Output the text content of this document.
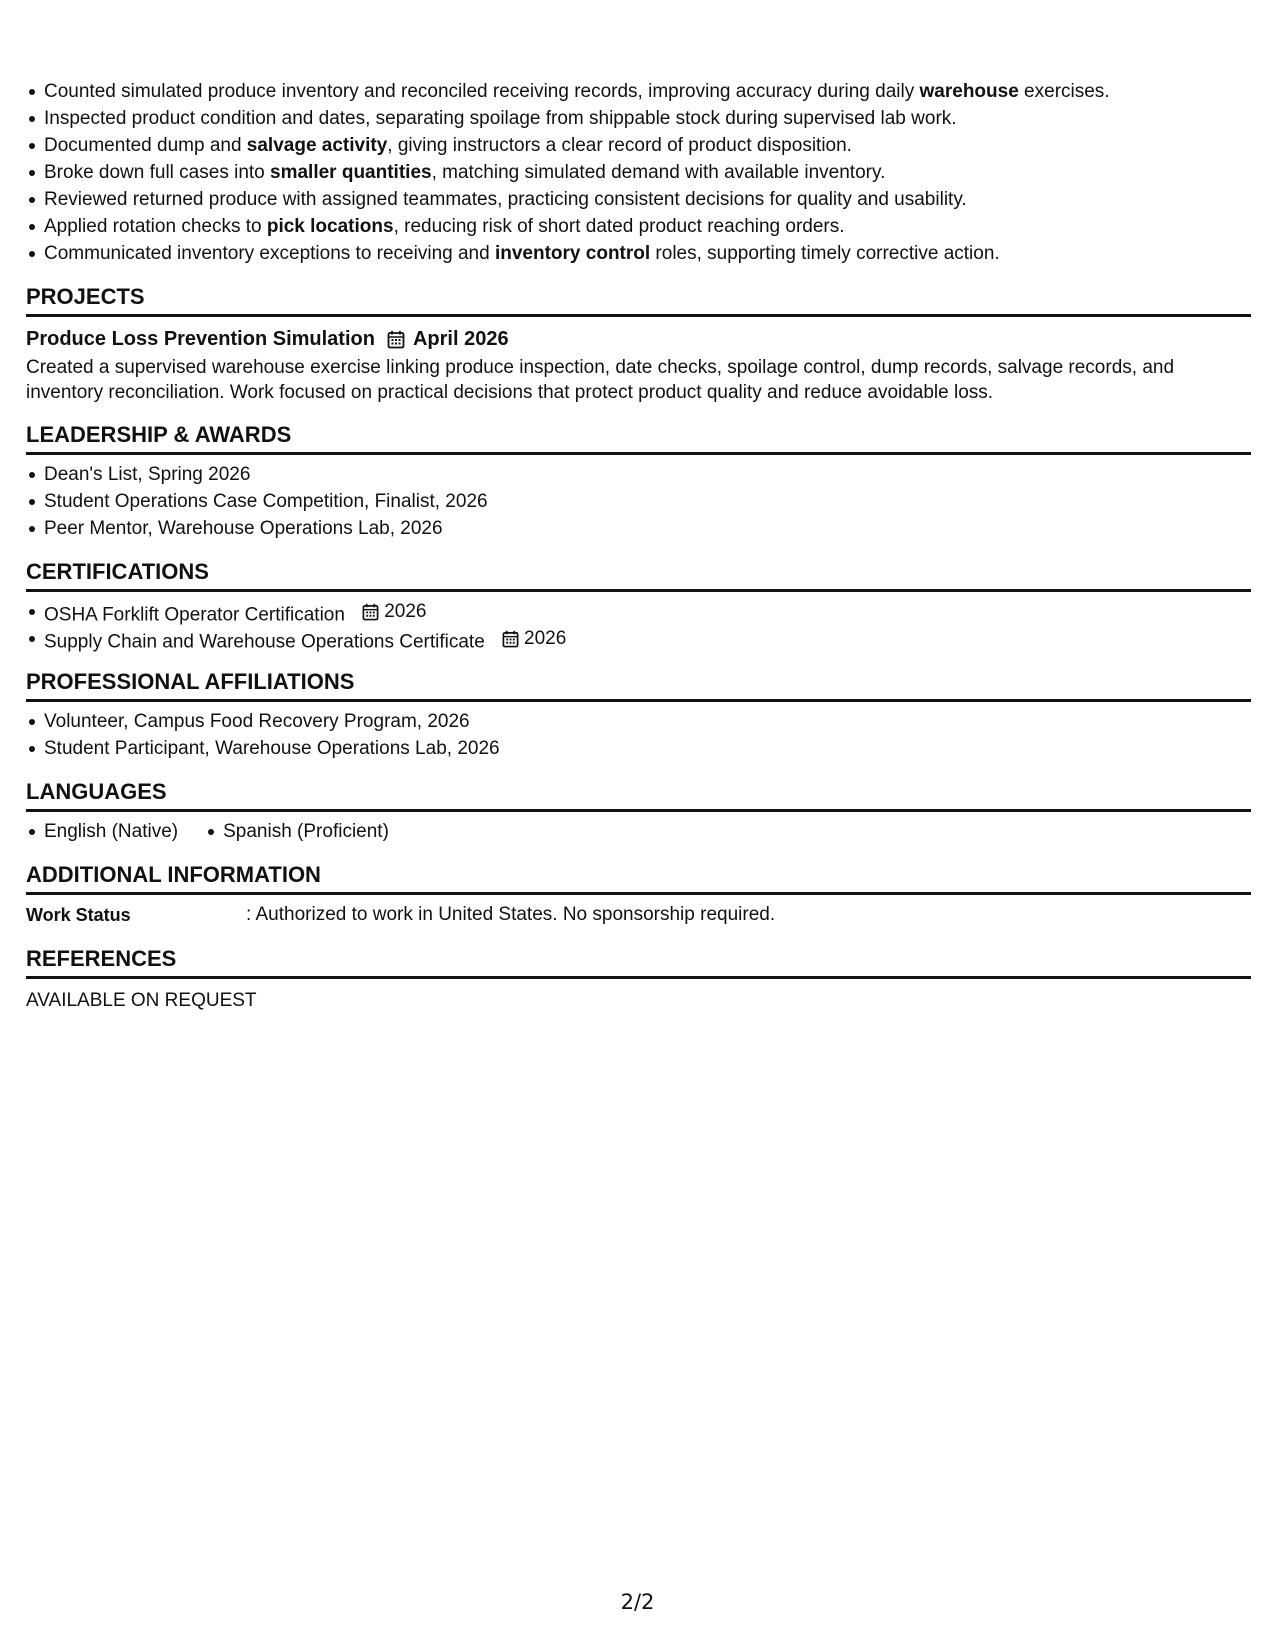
Counted simulated produce inventory and reconciled receiving records, improving accuracy during daily warehouse exercises.
Inspected product condition and dates, separating spoilage from shippable stock during supervised lab work.
Documented dump and salvage activity, giving instructors a clear record of product disposition.
Broke down full cases into smaller quantities, matching simulated demand with available inventory.
Reviewed returned produce with assigned teammates, practicing consistent decisions for quality and usability.
Applied rotation checks to pick locations, reducing risk of short dated product reaching orders.
Communicated inventory exceptions to receiving and inventory control roles, supporting timely corrective action.
PROJECTS
Produce Loss Prevention Simulation April 2026
Created a supervised warehouse exercise linking produce inspection, date checks, spoilage control, dump records, salvage records, and inventory reconciliation. Work focused on practical decisions that protect product quality and reduce avoidable loss.
LEADERSHIP & AWARDS
Dean's List, Spring 2026
Student Operations Case Competition, Finalist, 2026
Peer Mentor, Warehouse Operations Lab, 2026
CERTIFICATIONS
OSHA Forklift Operator Certification 2026
Supply Chain and Warehouse Operations Certificate 2026
PROFESSIONAL AFFILIATIONS
Volunteer, Campus Food Recovery Program, 2026
Student Participant, Warehouse Operations Lab, 2026
LANGUAGES
English (Native) Spanish (Proficient)
ADDITIONAL INFORMATION
Work Status	: Authorized to work in United States. No sponsorship required.
REFERENCES
AVAILABLE ON REQUEST
2/2
